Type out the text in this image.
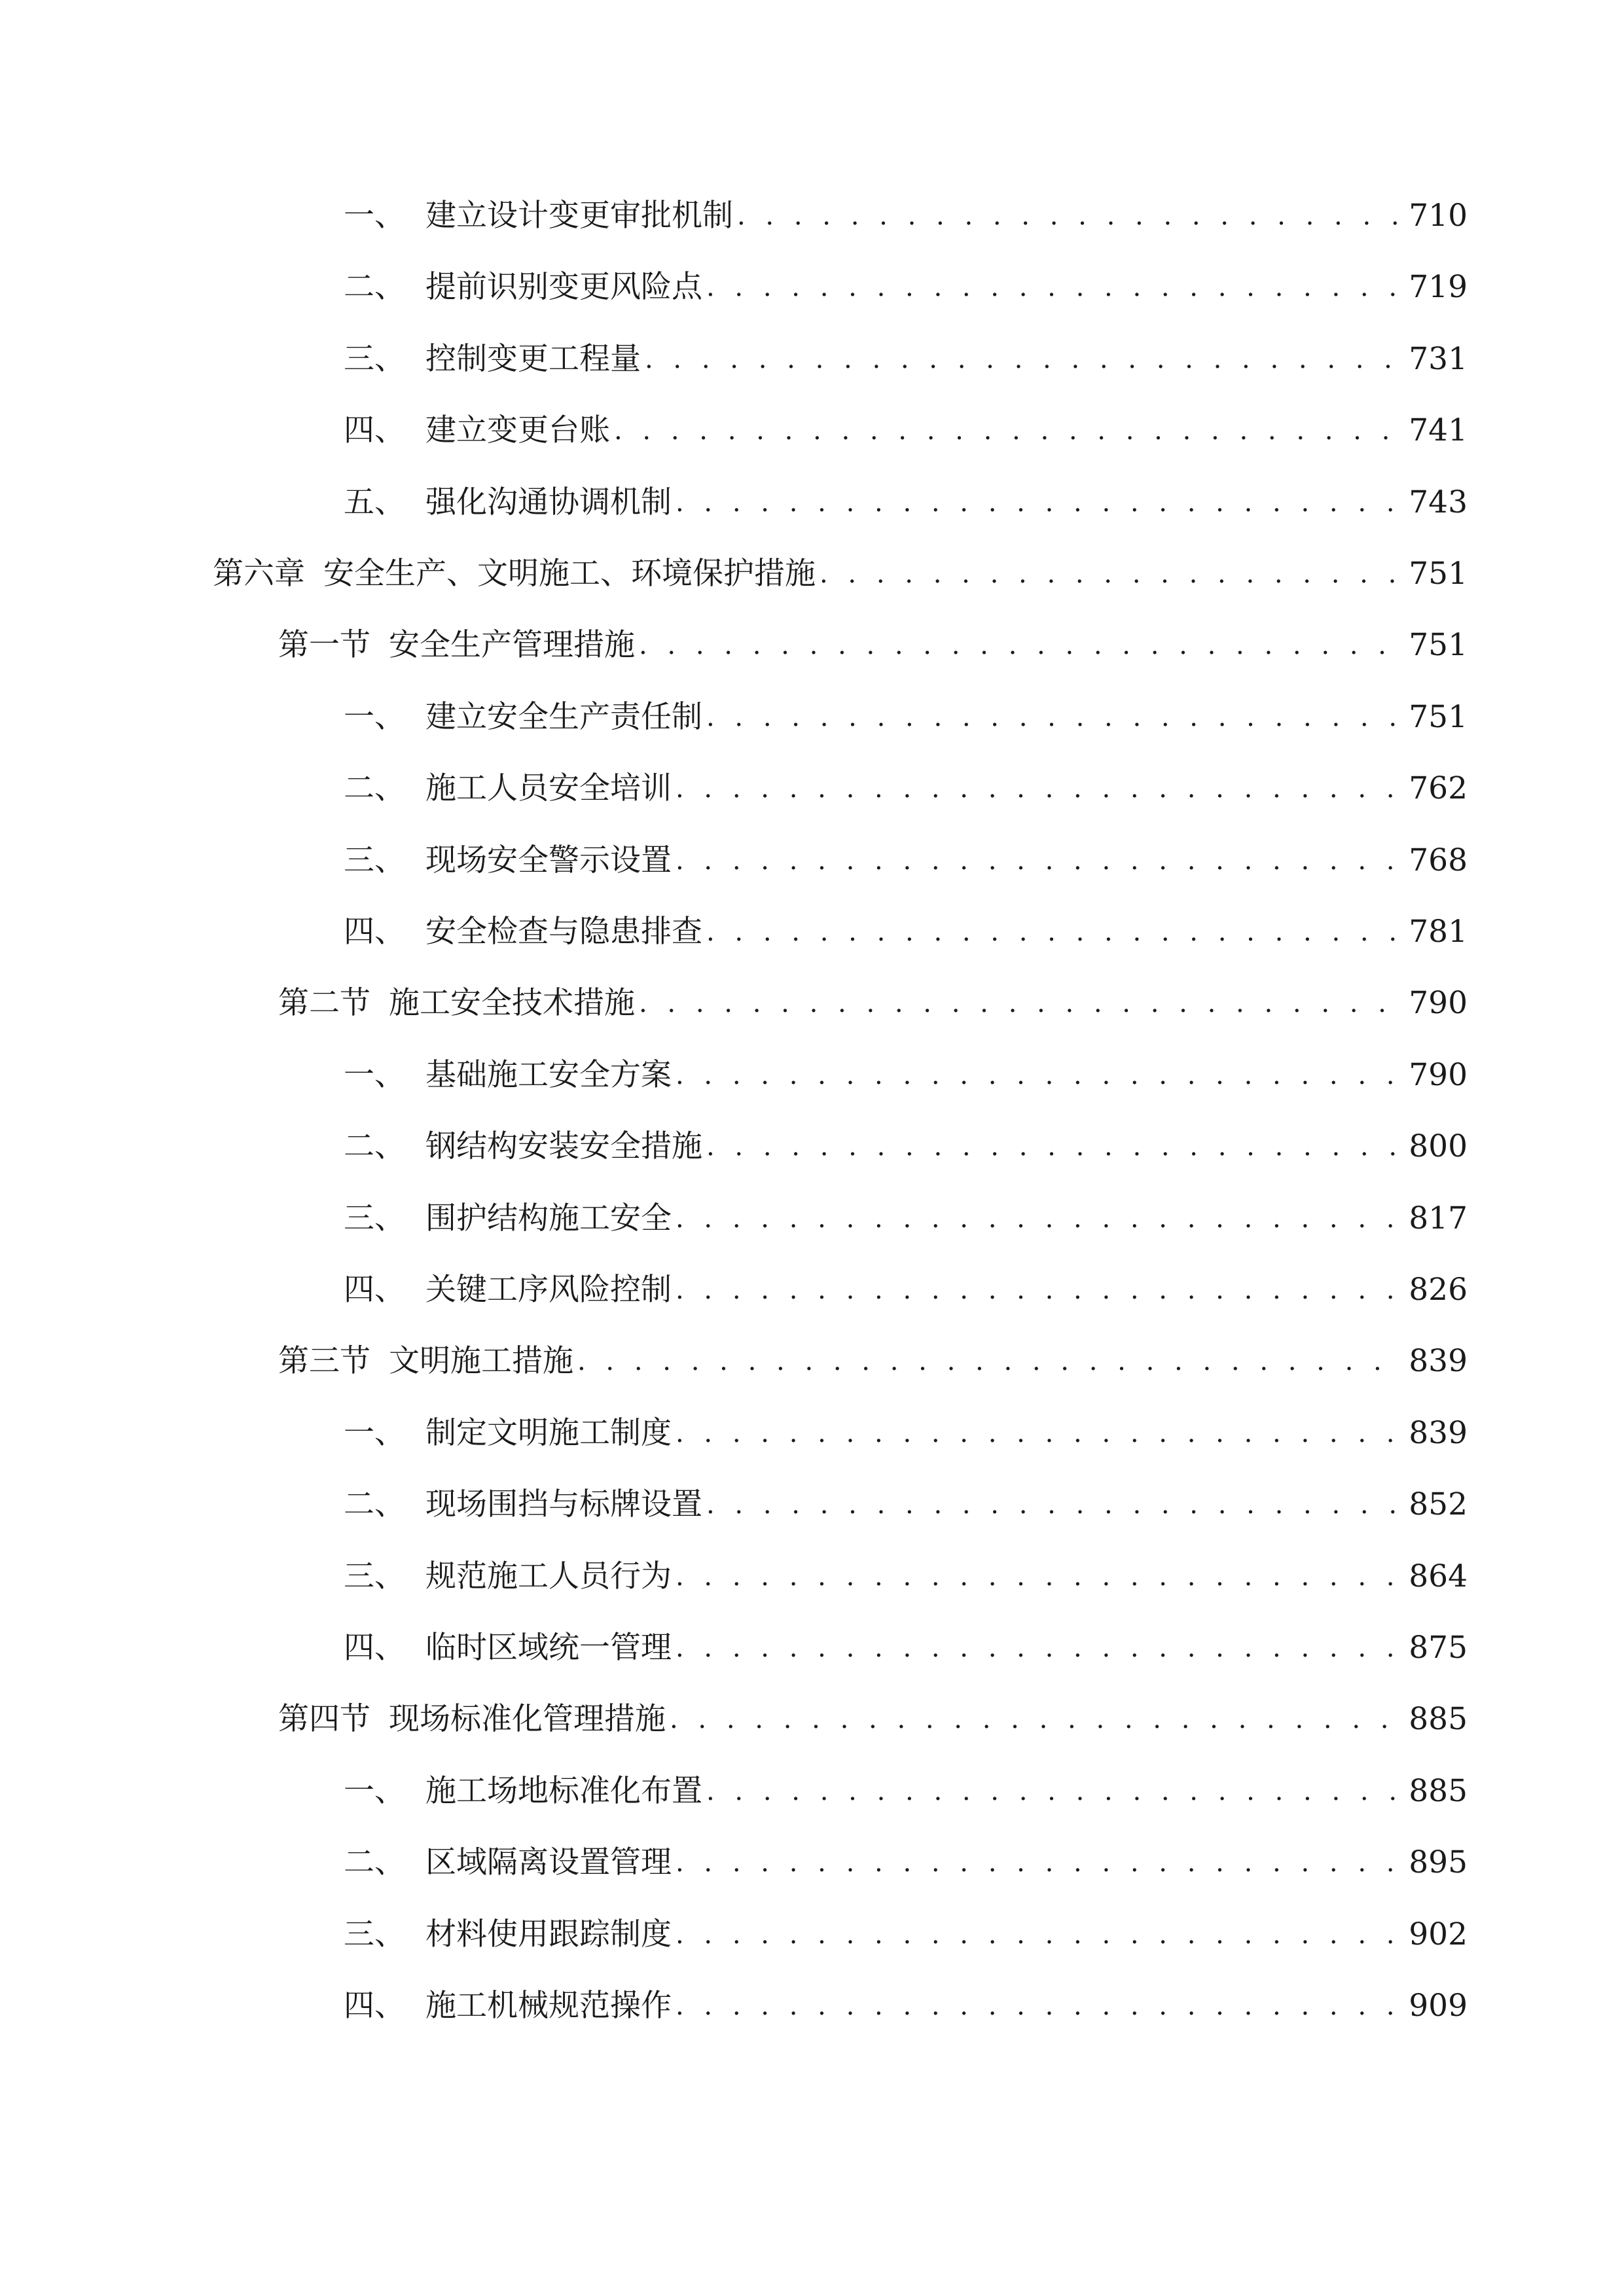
一、 建立设计变更审批机制 . . .	710
二、 提前识别变更风险点 . . .	719
三、 控制变更工程量 . . .	731
四、 建立变更台账 . . .	741
五、 强化沟通协调机制 . . .	743
第六章 安全生产、文明施工、环境保护措施 . . .	751
第一节 安全生产管理措施 . . .	751
一、 建立安全生产责任制 . . .	751
二、 施工人员安全培训 . . .	762
三、 现场安全警示设置 . . .	768
四、 安全检查与隐患排查 . . .	781
第二节 施工安全技术措施 . . .	790
一、 基础施工安全方案 . . .	790
二、 钢结构安装安全措施 . . .	800
三、 围护结构施工安全 . . .	817
四、 关键工序风险控制 . . .	826
第三节 文明施工措施 . . .	839
一、 制定文明施工制度 . . .	839
二、 现场围挡与标牌设置 . . .	852
三、 规范施工人员行为 . . .	864
四、 临时区域统一管理 . . .	875
第四节 现场标准化管理措施 . . .	885
一、 施工场地标准化布置 . . .	885
二、 区域隔离设置管理 . . .	895
三、 材料使用跟踪制度 . . .	902
四、 施工机械规范操作 . . .	909
